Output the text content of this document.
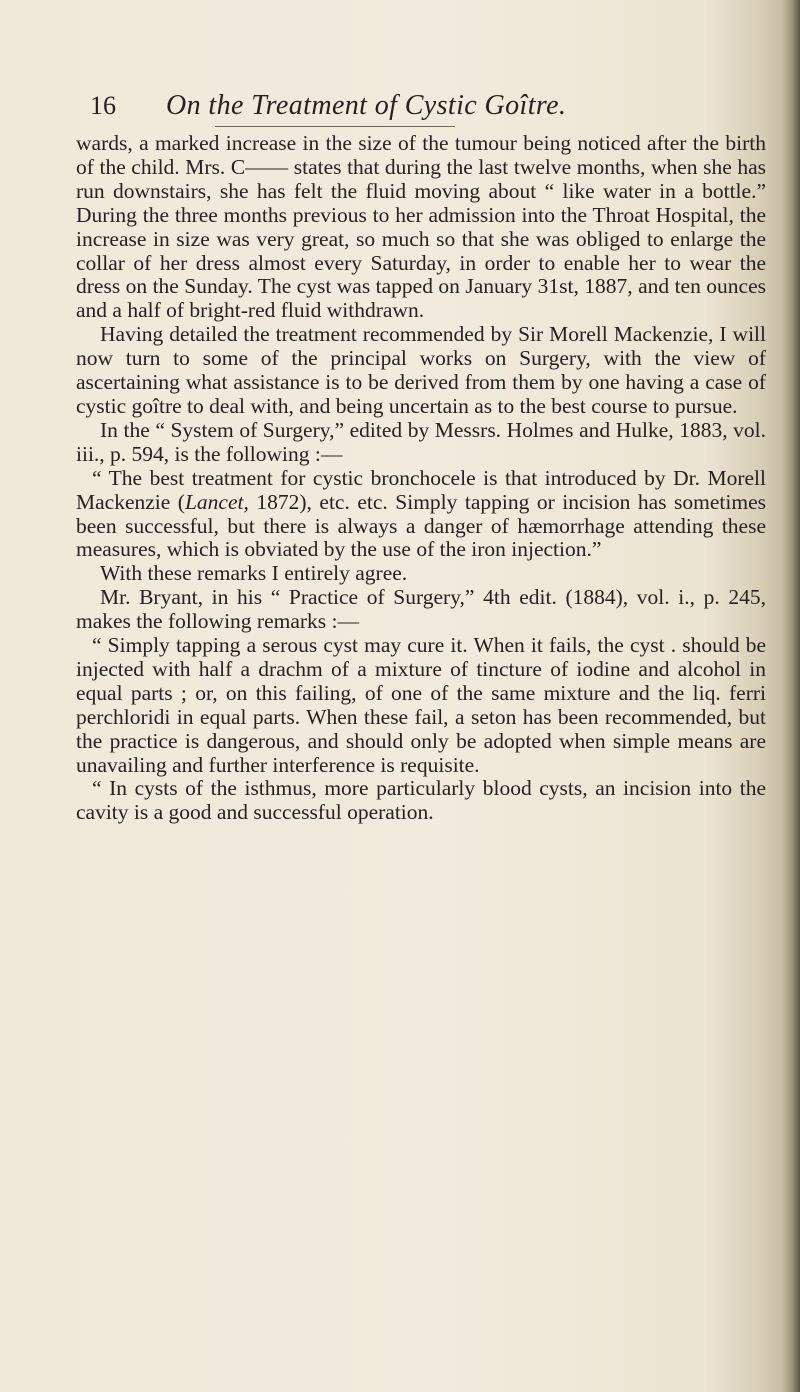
16 On the Treatment of Cystic Goître.

wards, a marked increase in the size of the tumour being noticed after the birth of the child. Mrs. C—— states that during the last twelve months, when she has run downstairs, she has felt the fluid moving about “ like water in a bottle.” During the three months previous to her admission into the Throat Hospital, the increase in size was very great, so much so that she was obliged to enlarge the collar of her dress almost every Saturday, in order to enable her to wear the dress on the Sunday. The cyst was tapped on January 31st, 1887, and ten ounces and a half of bright-red fluid withdrawn.

Having detailed the treatment recommended by Sir Morell Mackenzie, I will now turn to some of the principal works on Surgery, with the view of ascertaining what assistance is to be derived from them by one having a case of cystic goître to deal with, and being uncertain as to the best course to pursue.

In the “ System of Surgery,” edited by Messrs. Holmes and Hulke, 1883, vol. iii., p. 594, is the following :—

“ The best treatment for cystic bronchocele is that introduced by Dr. Morell Mackenzie (Lancet, 1872), etc. etc. Simply tapping or incision has sometimes been successful, but there is always a danger of hæmorrhage attending these measures, which is obviated by the use of the iron injection.”

With these remarks I entirely agree.

Mr. Bryant, in his “ Practice of Surgery,” 4th edit. (1884), vol. i., p. 245, makes the following remarks :—

“ Simply tapping a serous cyst may cure it. When it fails, the cyst . should be injected with half a drachm of a mixture of tincture of iodine and alcohol in equal parts ; or, on this failing, of one of the same mixture and the liq. ferri perchloridi in equal parts. When these fail, a seton has been recommended, but the practice is dangerous, and should only be adopted when simple means are unavailing and further interference is requisite.

“ In cysts of the isthmus, more particularly blood cysts, an incision into the cavity is a good and successful operation.
